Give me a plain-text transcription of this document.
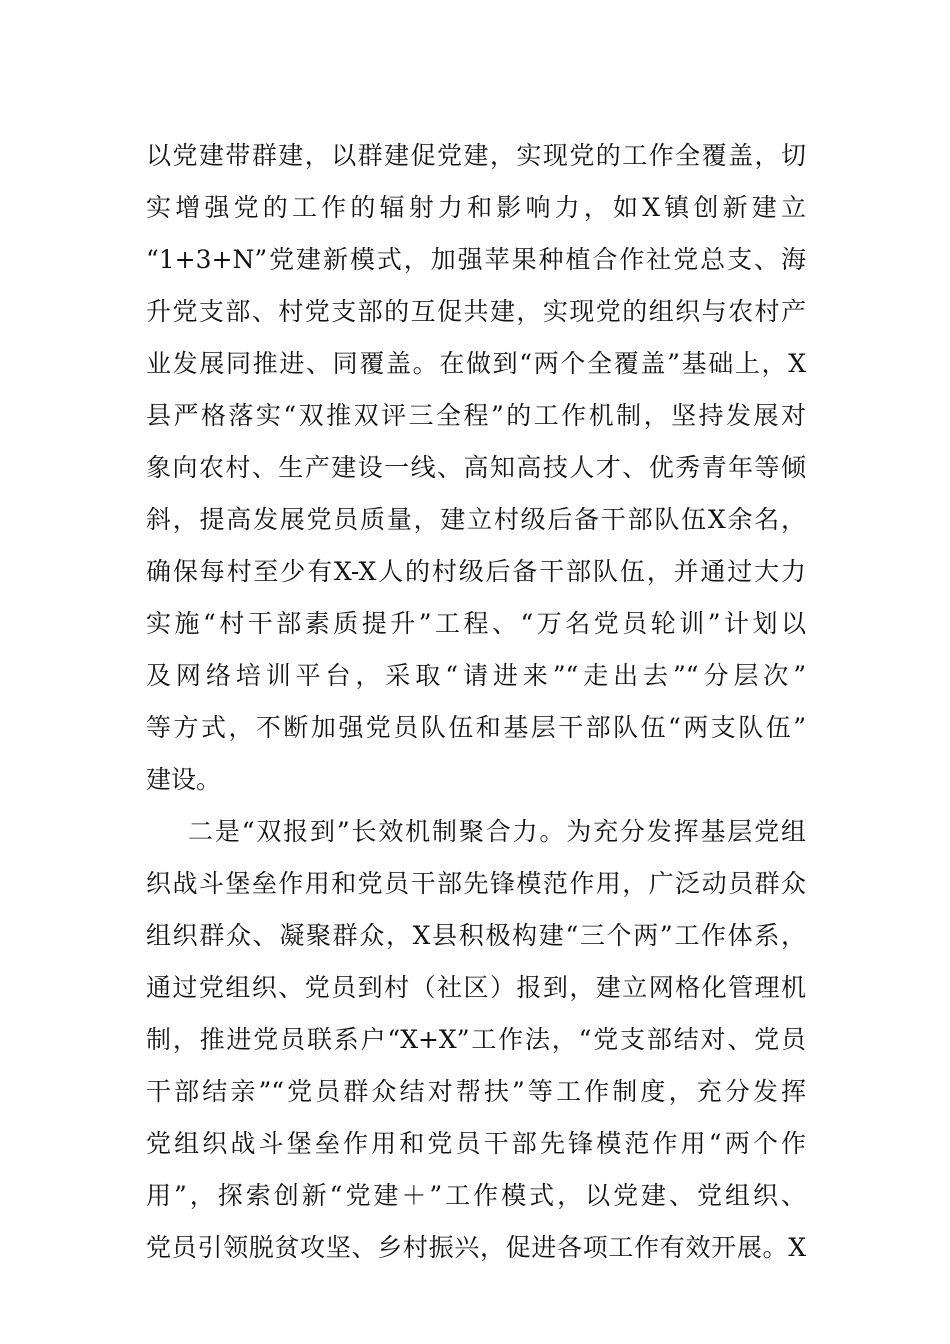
以党建带群建，以群建促党建，实现党的工作全覆盖，切
实增强党的工作的辐射力和影响力，如X镇创新建立
“1+3+N”党建新模式，加强苹果种植合作社党总支、海
升党支部、村党支部的互促共建，实现党的组织与农村产
业发展同推进、同覆盖。在做到“两个全覆盖”基础上，X
县严格落实“双推双评三全程”的工作机制，坚持发展对
象向农村、生产建设一线、高知高技人才、优秀青年等倾
斜，提高发展党员质量，建立村级后备干部队伍X余名，
确保每村至少有X-X人的村级后备干部队伍，并通过大力
实施“村干部素质提升”工程、“万名党员轮训”计划以
及网络培训平台，采取“请进来”“走出去”“分层次”
等方式，不断加强党员队伍和基层干部队伍“两支队伍”
建设。
二是“双报到”长效机制聚合力。为充分发挥基层党组
织战斗堡垒作用和党员干部先锋模范作用，广泛动员群众
组织群众、凝聚群众，X县积极构建“三个两”工作体系，
通过党组织、党员到村（社区）报到，建立网格化管理机
制，推进党员联系户“X+X”工作法，“党支部结对、党员
干部结亲”“党员群众结对帮扶”等工作制度，充分发挥
党组织战斗堡垒作用和党员干部先锋模范作用“两个作
用”，探索创新“党建＋”工作模式，以党建、党组织、
党员引领脱贫攻坚、乡村振兴，促进各项工作有效开展。X
